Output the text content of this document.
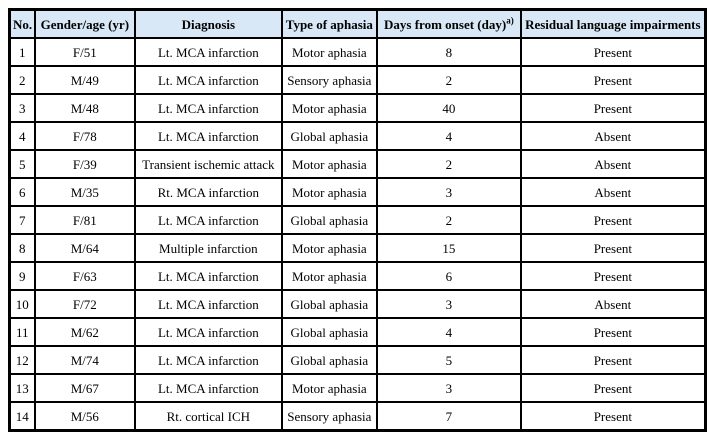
No.	Gender/age (yr)	Diagnosis	Type of aphasia	Days from onset (day)$^{a)}$	Residual language impairments
1	F/51	Lt. MCA infarction	Motor aphasia	8	Present
2	M/49	Lt. MCA infarction	Sensory aphasia	2	Present
3	M/48	Lt. MCA infarction	Motor aphasia	40	Present
4	F/78	Lt. MCA infarction	Global aphasia	4	Absent
5	F/39	Transient ischemic attack	Motor aphasia	2	Absent
6	M/35	Rt. MCA infarction	Motor aphasia	3	Absent
7	F/81	Lt. MCA infarction	Global aphasia	2	Present
8	M/64	Multiple infarction	Motor aphasia	15	Present
9	F/63	Lt. MCA infarction	Motor aphasia	6	Present
10	F/72	Lt. MCA infarction	Global aphasia	3	Absent
11	M/62	Lt. MCA infarction	Global aphasia	4	Present
12	M/74	Lt. MCA infarction	Global aphasia	5	Present
13	M/67	Lt. MCA infarction	Motor aphasia	3	Present
14	M/56	Rt. cortical ICH	Sensory aphasia	7	Present
